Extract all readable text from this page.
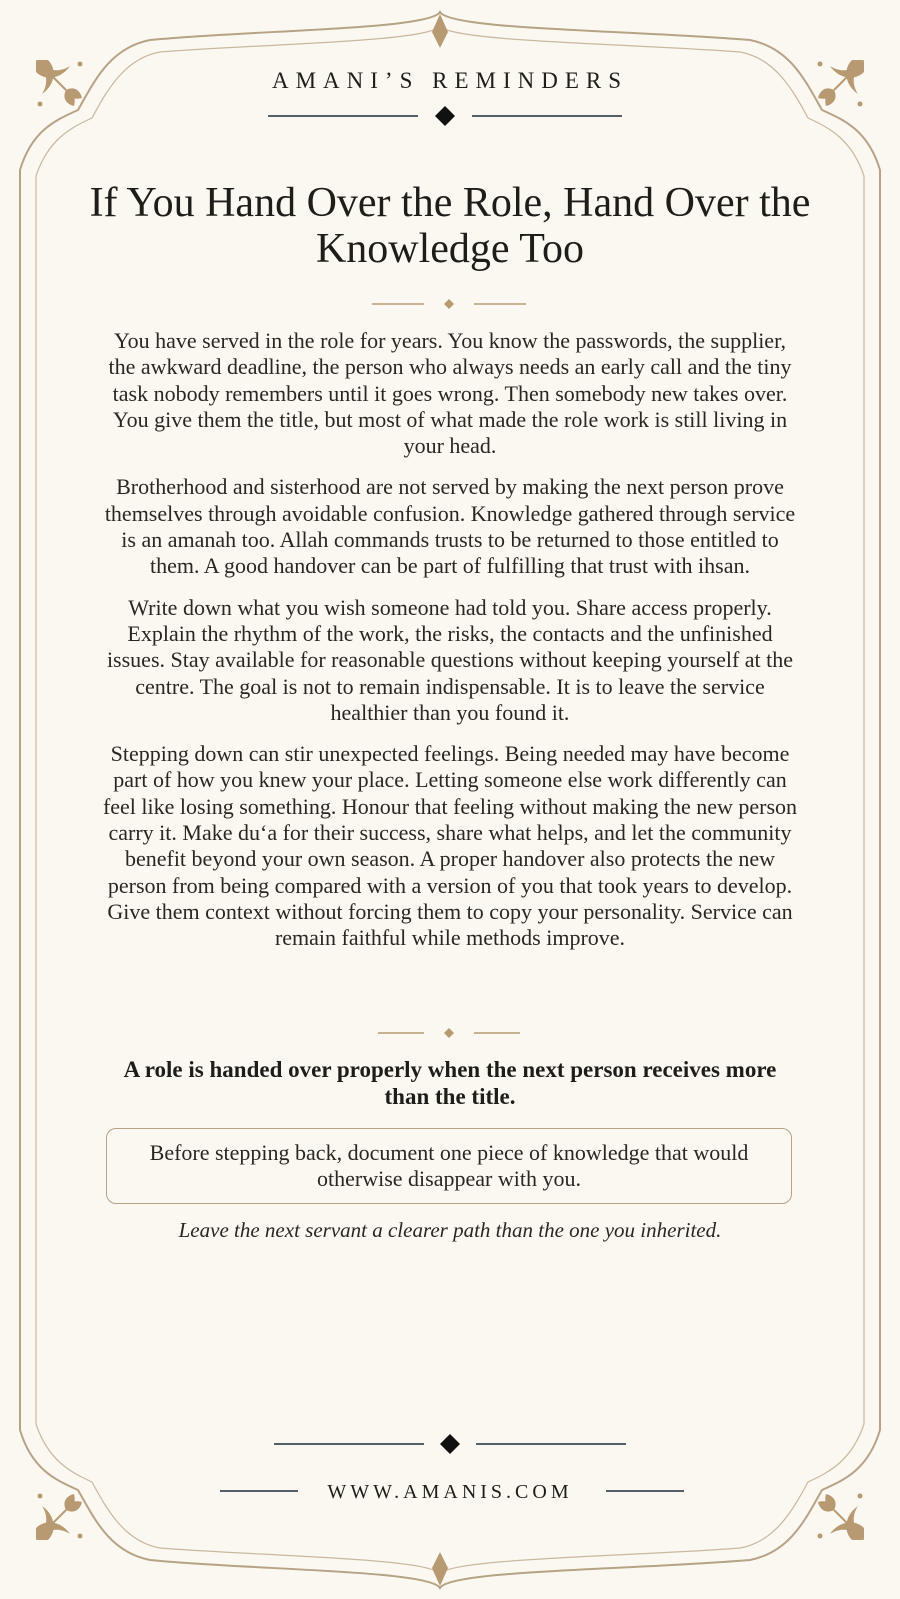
AMANI’S REMINDERS
If You Hand Over the Role, Hand Over the Knowledge Too

You have served in the role for years. You know the passwords, the supplier, the awkward deadline, the person who always needs an early call and the tiny task nobody remembers until it goes wrong. Then somebody new takes over. You give them the title, but most of what made the role work is still living in your head.

Brotherhood and sisterhood are not served by making the next person prove themselves through avoidable confusion. Knowledge gathered through service is an amanah too. Allah commands trusts to be returned to those entitled to them. A good handover can be part of fulfilling that trust with ihsan.

Write down what you wish someone had told you. Share access properly. Explain the rhythm of the work, the risks, the contacts and the unfinished issues. Stay available for reasonable questions without keeping yourself at the centre. The goal is not to remain indispensable. It is to leave the service healthier than you found it.

Stepping down can stir unexpected feelings. Being needed may have become part of how you knew your place. Letting someone else work differently can feel like losing something. Honour that feeling without making the new person carry it. Make du‘a for their success, share what helps, and let the community benefit beyond your own season. A proper handover also protects the new person from being compared with a version of you that took years to develop. Give them context without forcing them to copy your personality. Service can remain faithful while methods improve.

A role is handed over properly when the next person receives more than the title.

Before stepping back, document one piece of knowledge that would otherwise disappear with you.

Leave the next servant a clearer path than the one you inherited.

WWW.AMANIS.COM
